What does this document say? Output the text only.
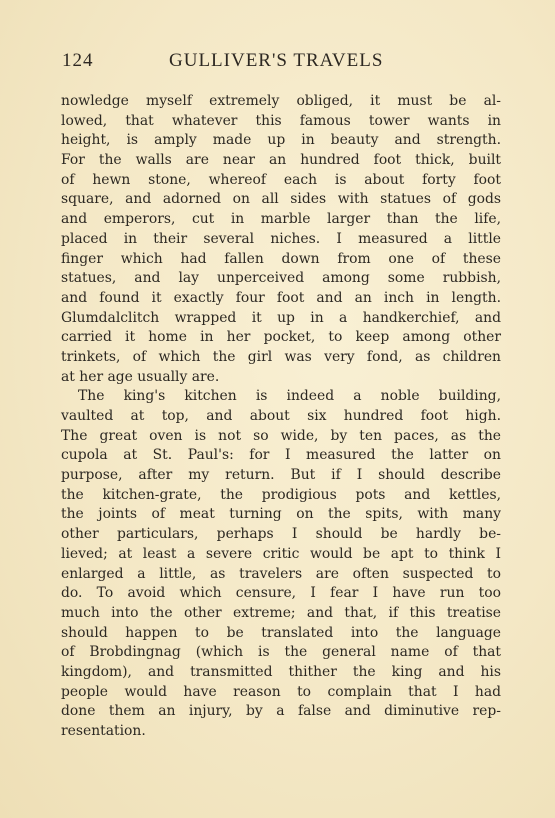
124	GULLIVER'S TRAVELS
nowledge myself extremely obliged, it must be al-
lowed, that whatever this famous tower wants in
height, is amply made up in beauty and strength.
For the walls are near an hundred foot thick, built
of hewn stone, whereof each is about forty foot
square, and adorned on all sides with statues of gods
and emperors, cut in marble larger than the life,
placed in their several niches. I measured a little
finger which had fallen down from one of these
statues, and lay unperceived among some rubbish,
and found it exactly four foot and an inch in length.
Glumdalclitch wrapped it up in a handkerchief, and
carried it home in her pocket, to keep among other
trinkets, of which the girl was very fond, as children
at her age usually are.
The king's kitchen is indeed a noble building,
vaulted at top, and about six hundred foot high.
The great oven is not so wide, by ten paces, as the
cupola at St. Paul's: for I measured the latter on
purpose, after my return. But if I should describe
the kitchen-grate, the prodigious pots and kettles,
the joints of meat turning on the spits, with many
other particulars, perhaps I should be hardly be-
lieved; at least a severe critic would be apt to think I
enlarged a little, as travelers are often suspected to
do. To avoid which censure, I fear I have run too
much into the other extreme; and that, if this treatise
should happen to be translated into the language
of Brobdingnag (which is the general name of that
kingdom), and transmitted thither the king and his
people would have reason to complain that I had
done them an injury, by a false and diminutive rep-
resentation.
